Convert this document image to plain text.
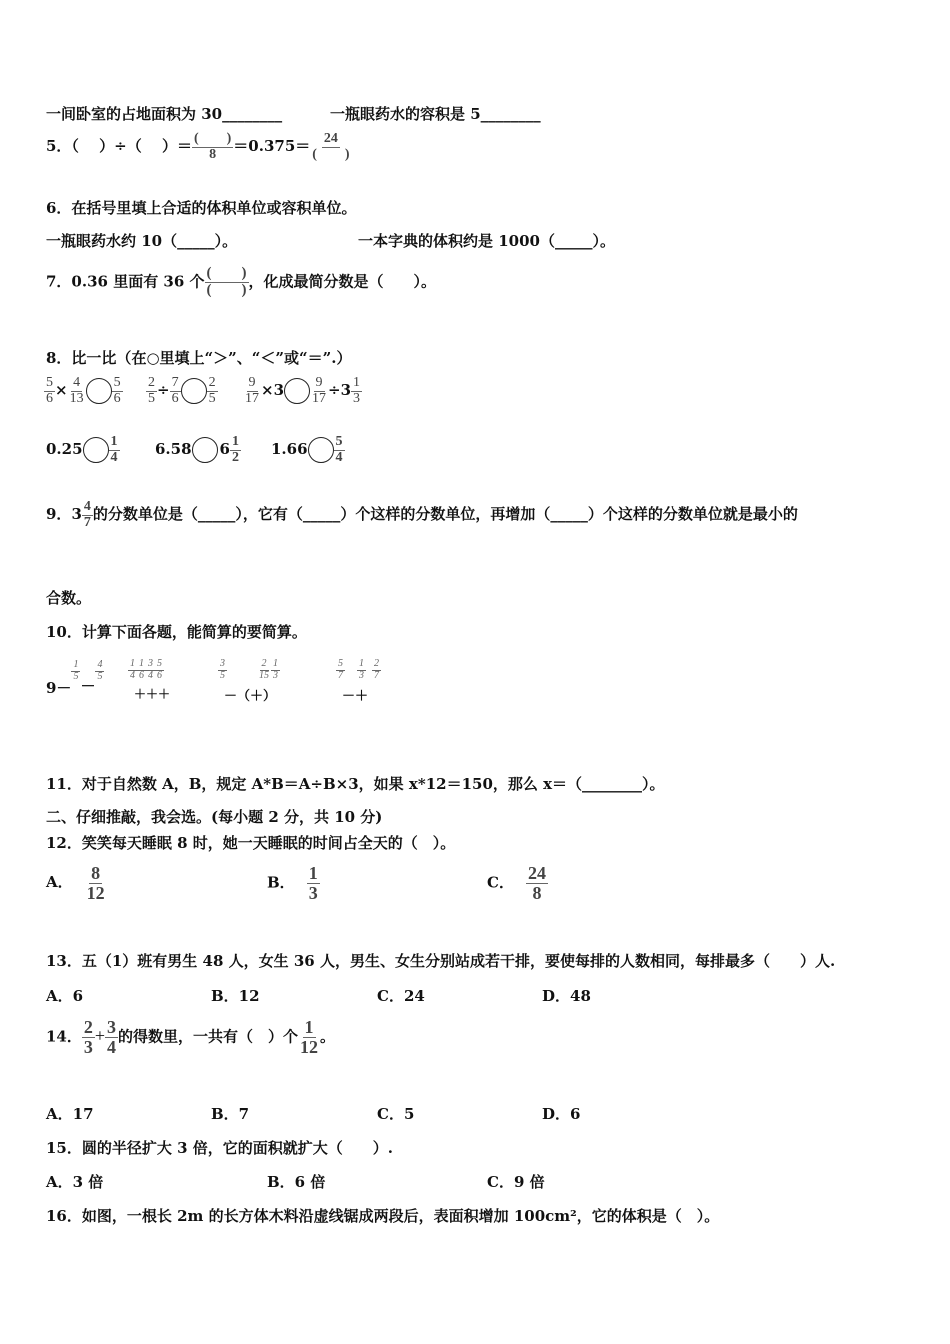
一间卧室的占地面积为 30________	一瓶眼药水的容积是 5________
5．（　 ）÷（　 ）＝ $\frac{( )}{8} =0.375= \frac{24}{( )}$
6．在括号里填上合适的体积单位或容积单位。
一瓶眼药水约 10（_____）。	一本字典的体积约是 1000（_____）。
7．0.36 里面有 36 个 $\frac{( )}{( )}$ ，化成最简分数是（　　）。
8．比一比（在○里填上“＞”、“＜”或“＝”.）
$\frac{5}{6} \times \frac{4}{13} \frac{5}{6} \frac{2}{5} \div \frac{7}{6} \frac{2}{5} \frac{9}{17} \times 3 \frac{9}{17} \div 3 \frac{1}{3}$
$0.25 \frac{1}{4} 6.58$ $6 \frac{1}{2} 1.66 \frac{5}{4}$
9．$3 \frac{4}{7}$ 的分数单位是（_____），它有（_____）个这样的分数单位，再增加（_____）个这样的分数单位就是最小的
合数。
10．计算下面各题，能简算的要简算。
9－
$\frac{1}{5}$
－
$\frac{4}{5} \frac{1}{4} \frac{1}{6} \frac{3}{4} \frac{5}{6}$
＋＋＋
$\frac{3}{5}$	$\frac{2}{15} \frac{1}{3}$
－（＋）
$\frac{5}{7} \frac{1}{3} \frac{2}{7}$
－＋
11．对于自然数 A，B，规定 A*B＝A÷B×3，如果 x*12＝150，那么 x＝（________）。
二、仔细推敲，我会选。(每小题 2 分，共 10 分)
12．笑笑每天睡眠 8 时，她一天睡眠的时间占全天的（　）。
A． $\frac{8}{12}$	B． $\frac{1}{3}$	C． $\frac{24}{8}$
13．五（1）班有男生 48 人，女生 36 人，男生、女生分别站成若干排，要使每排的人数相同，每排最多（　　）人.
A．6	B．12	C．24	D．48
14． $\frac{2}{3} + \frac{3}{4}$ 的得数里，一共有（　）个 $\frac{1}{12}$ 。
A．17	B．7	C．5	D．6
15．圆的半径扩大 3 倍，它的面积就扩大（　　）.
A．3 倍	B．6 倍	C．9 倍
16．如图，一根长 2m 的长方体木料沿虚线锯成两段后，表面积增加 100cm²，它的体积是（　）。
